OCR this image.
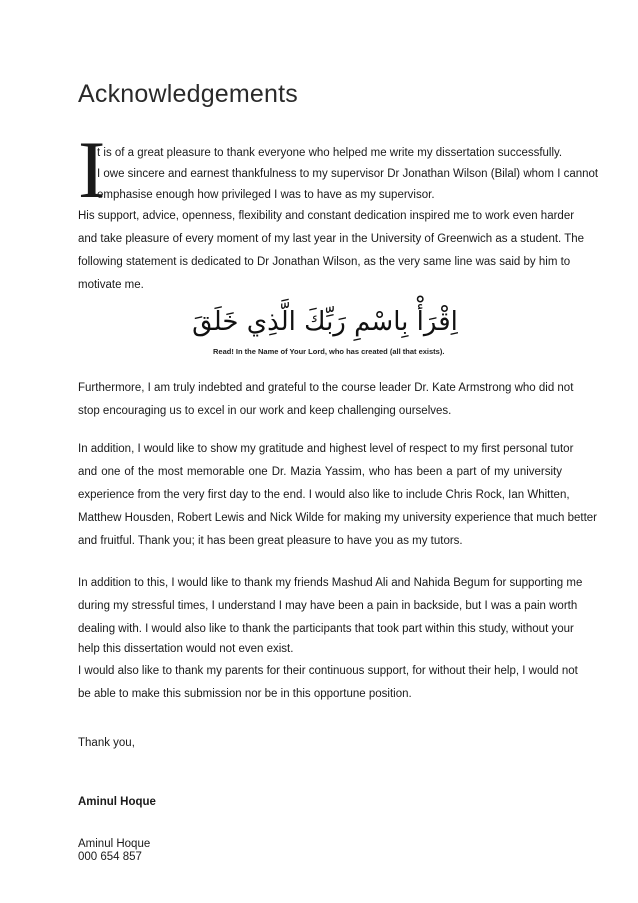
Acknowledgements
I
t is of a great pleasure to thank everyone who helped me write my dissertation successfully.
I owe sincere and earnest thankfulness to my supervisor Dr Jonathan Wilson (Bilal) whom I cannot
emphasise enough how privileged I was to have as my supervisor.
His support, advice, openness, flexibility and constant dedication inspired me to work even harder
and take pleasure of every moment of my last year in the University of Greenwich as a student. The
following statement is dedicated to Dr Jonathan Wilson, as the very same line was said by him to
motivate me.
اِقْرَأْ بِاسْمِ رَبِّكَ الَّذِي خَلَقَ
Read! In the Name of Your Lord, who has created (all that exists).
Furthermore, I am truly indebted and grateful to the course leader Dr. Kate Armstrong who did not
stop encouraging us to excel in our work and keep challenging ourselves.
In addition, I would like to show my gratitude and highest level of respect to my first personal tutor
and one of the most memorable one Dr. Mazia Yassim, who has been a part of my university
experience from the very first day to the end. I would also like to include Chris Rock, Ian Whitten,
Matthew Housden, Robert Lewis and Nick Wilde for making my university experience that much better
and fruitful. Thank you; it has been great pleasure to have you as my tutors.
In addition to this, I would like to thank my friends Mashud Ali and Nahida Begum for supporting me
during my stressful times, I understand I may have been a pain in backside, but I was a pain worth
dealing with. I would also like to thank the participants that took part within this study, without your
help this dissertation would not even exist.
I would also like to thank my parents for their continuous support, for without their help, I would not
be able to make this submission nor be in this opportune position.
Thank you,
Aminul Hoque
Aminul Hoque
000 654 857
